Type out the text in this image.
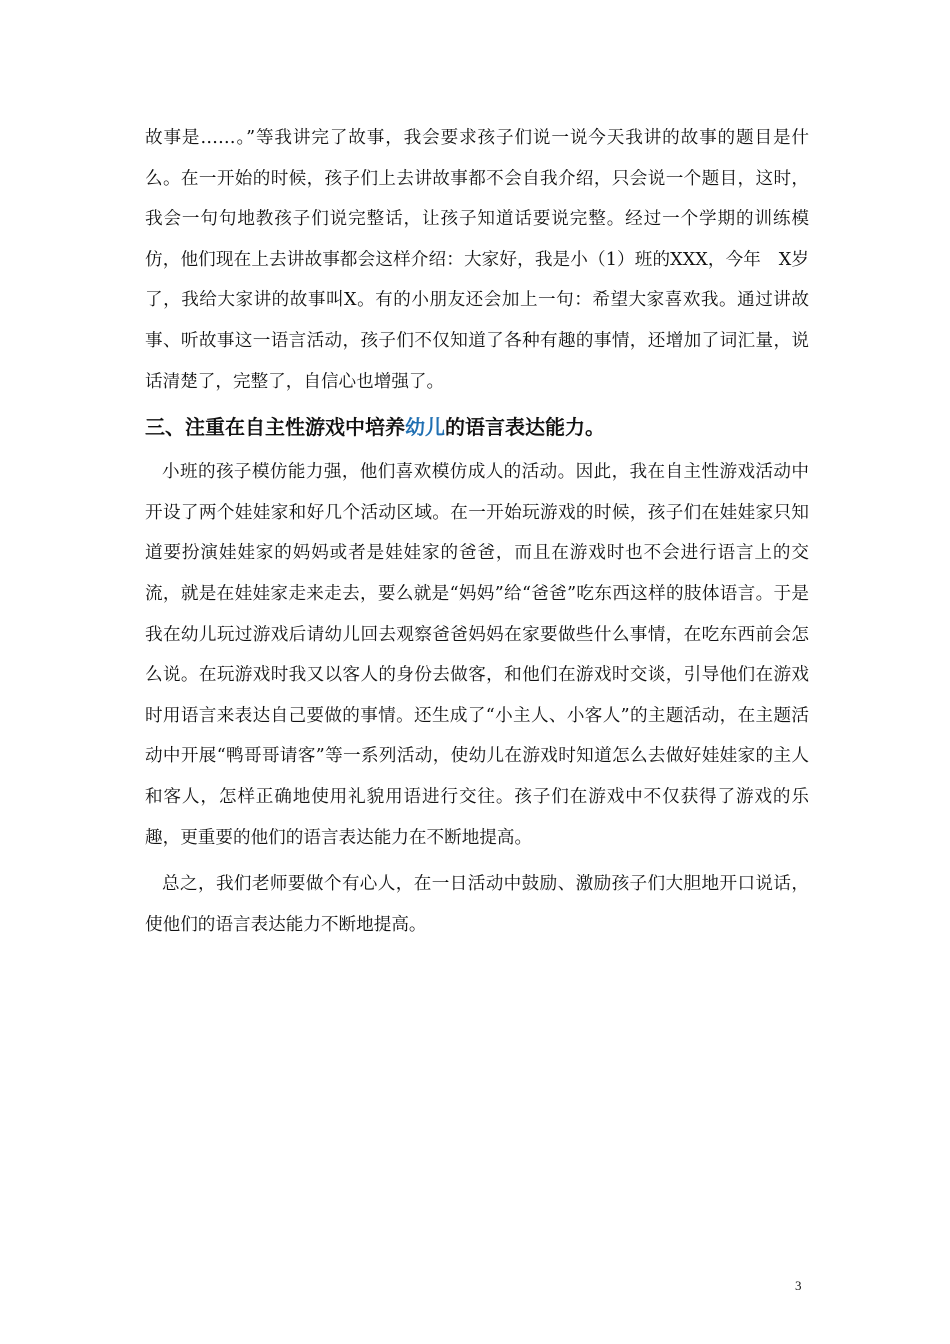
故事是……。”等我讲完了故事，我会要求孩子们说一说今天我讲的故事的题目是什么。在一开始的时候，孩子们上去讲故事都不会自我介绍，只会说一个题目，这时，我会一句句地教孩子们说完整话，让孩子知道话要说完整。经过一个学期的训练模仿，他们现在上去讲故事都会这样介绍：大家好，我是小（1）班的XXX，今年　X岁了，我给大家讲的故事叫X。有的小朋友还会加上一句：希望大家喜欢我。通过讲故事、听故事这一语言活动，孩子们不仅知道了各种有趣的事情，还增加了词汇量，说话清楚了，完整了，自信心也增强了。

三、注重在自主性游戏中培养幼儿的语言表达能力。

小班的孩子模仿能力强，他们喜欢模仿成人的活动。因此，我在自主性游戏活动中开设了两个娃娃家和好几个活动区域。在一开始玩游戏的时候，孩子们在娃娃家只知道要扮演娃娃家的妈妈或者是娃娃家的爸爸，而且在游戏时也不会进行语言上的交流，就是在娃娃家走来走去，要么就是“妈妈”给“爸爸”吃东西这样的肢体语言。于是我在幼儿玩过游戏后请幼儿回去观察爸爸妈妈在家要做些什么事情，在吃东西前会怎么说。在玩游戏时我又以客人的身份去做客，和他们在游戏时交谈，引导他们在游戏时用语言来表达自己要做的事情。还生成了“小主人、小客人”的主题活动，在主题活动中开展“鸭哥哥请客”等一系列活动，使幼儿在游戏时知道怎么去做好娃娃家的主人和客人，怎样正确地使用礼貌用语进行交往。孩子们在游戏中不仅获得了游戏的乐趣，更重要的他们的语言表达能力在不断地提高。

总之，我们老师要做个有心人，在一日活动中鼓励、激励孩子们大胆地开口说话，使他们的语言表达能力不断地提高。

3
